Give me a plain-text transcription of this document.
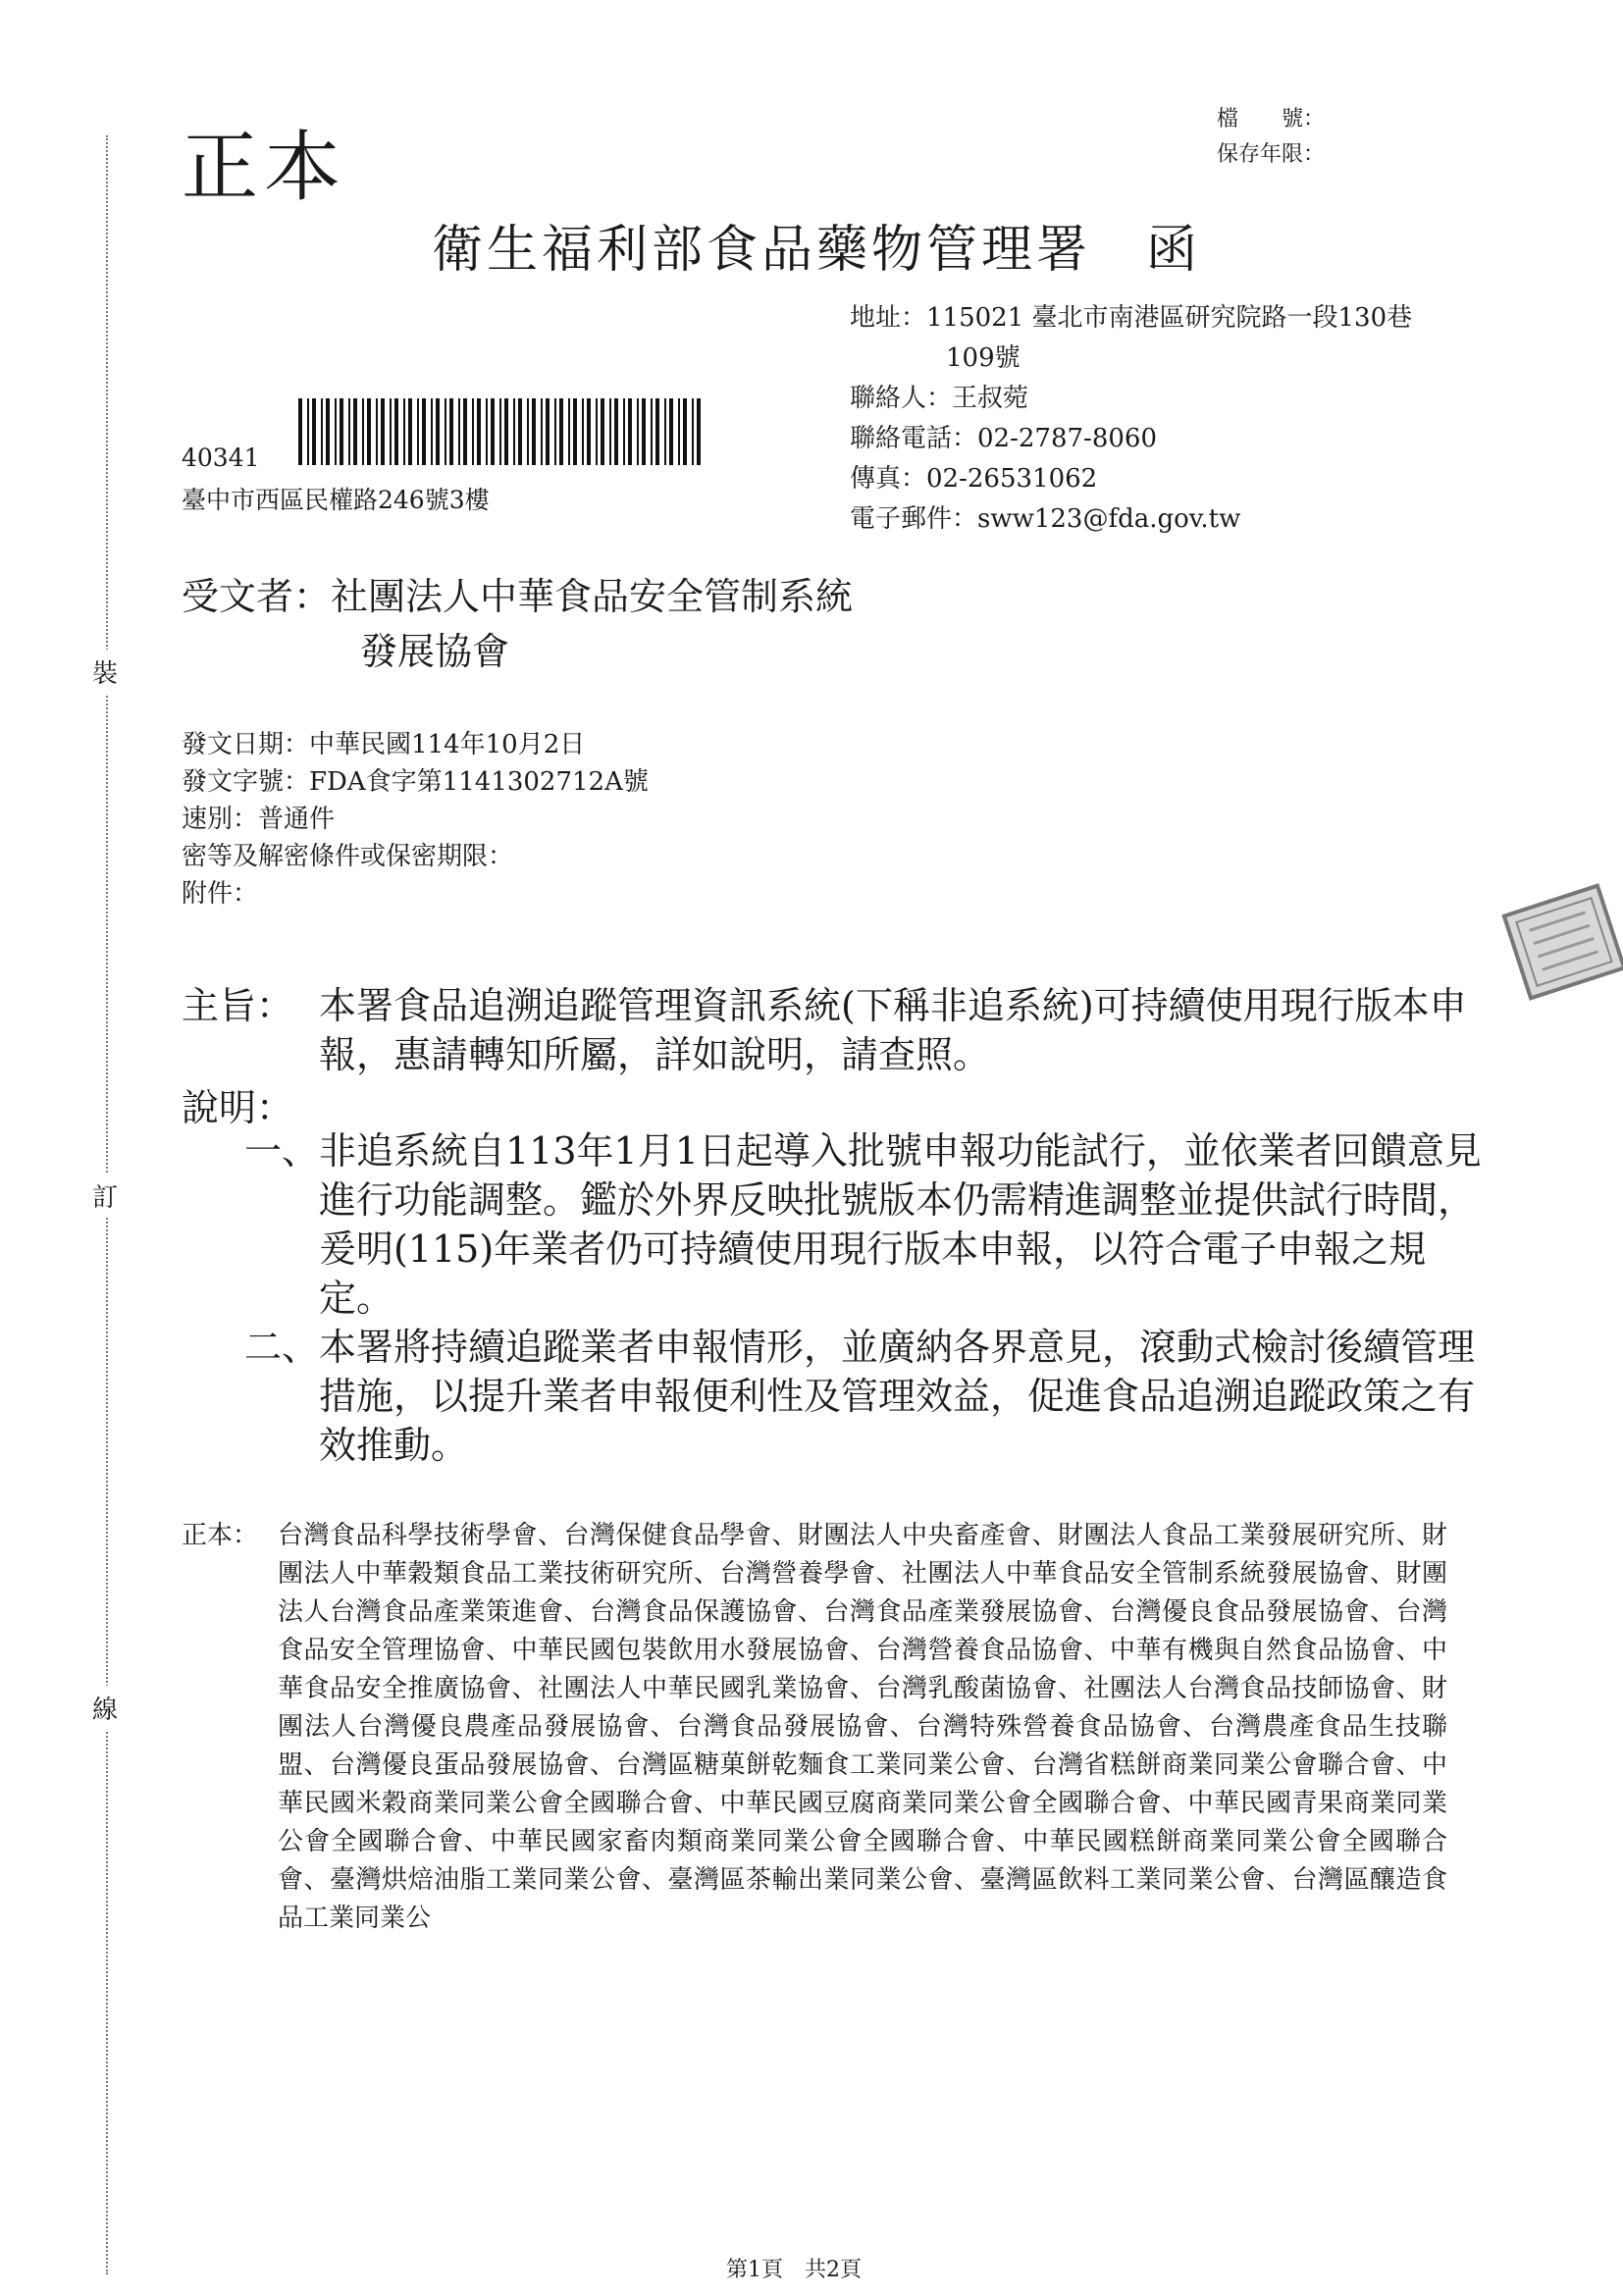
裝
訂
線
正本
檔　　號：
保存年限：
衛生福利部食品藥物管理署　函
地址：115021 臺北市南港區研究院路一段130巷
109號
聯絡人：王叔菀
聯絡電話：02-2787-8060
傳真：02-26531062
電子郵件：sww123@fda.gov.tw
40341
臺中市西區民權路246號3樓
受文者：社團法人中華食品安全管制系統
發展協會
發文日期：中華民國114年10月2日
發文字號：FDA食字第1141302712A號
速別：普通件
密等及解密條件或保密期限：
附件：
主旨： 本署食品追溯追蹤管理資訊系統(下稱非追系統)可持續使用現行版本申報，惠請轉知所屬，詳如說明，請查照。
說明：
一、 非追系統自113年1月1日起導入批號申報功能試行，並依業者回饋意見進行功能調整。鑑於外界反映批號版本仍需精進調整並提供試行時間，爰明(115)年業者仍可持續使用現行版本申報，以符合電子申報之規定。
二、 本署將持續追蹤業者申報情形，並廣納各界意見，滾動式檢討後續管理措施，以提升業者申報便利性及管理效益，促進食品追溯追蹤政策之有效推動。
正本： 台灣食品科學技術學會、台灣保健食品學會、財團法人中央畜產會、財團法人食品工業發展研究所、財團法人中華穀類食品工業技術研究所、台灣營養學會、社團法人中華食品安全管制系統發展協會、財團法人台灣食品產業策進會、台灣食品保護協會、台灣食品產業發展協會、台灣優良食品發展協會、台灣食品安全管理協會、中華民國包裝飲用水發展協會、台灣營養食品協會、中華有機與自然食品協會、中華食品安全推廣協會、社團法人中華民國乳業協會、台灣乳酸菌協會、社團法人台灣食品技師協會、財團法人台灣優良農產品發展協會、台灣食品發展協會、台灣特殊營養食品協會、台灣農產食品生技聯盟、台灣優良蛋品發展協會、台灣區糖菓餅乾麵食工業同業公會、台灣省糕餅商業同業公會聯合會、中華民國米穀商業同業公會全國聯合會、中華民國豆腐商業同業公會全國聯合會、中華民國青果商業同業公會全國聯合會、中華民國家畜肉類商業同業公會全國聯合會、中華民國糕餅商業同業公會全國聯合會、臺灣烘焙油脂工業同業公會、臺灣區茶輸出業同業公會、臺灣區飲料工業同業公會、台灣區釀造食品工業同業公
第1頁　共2頁
